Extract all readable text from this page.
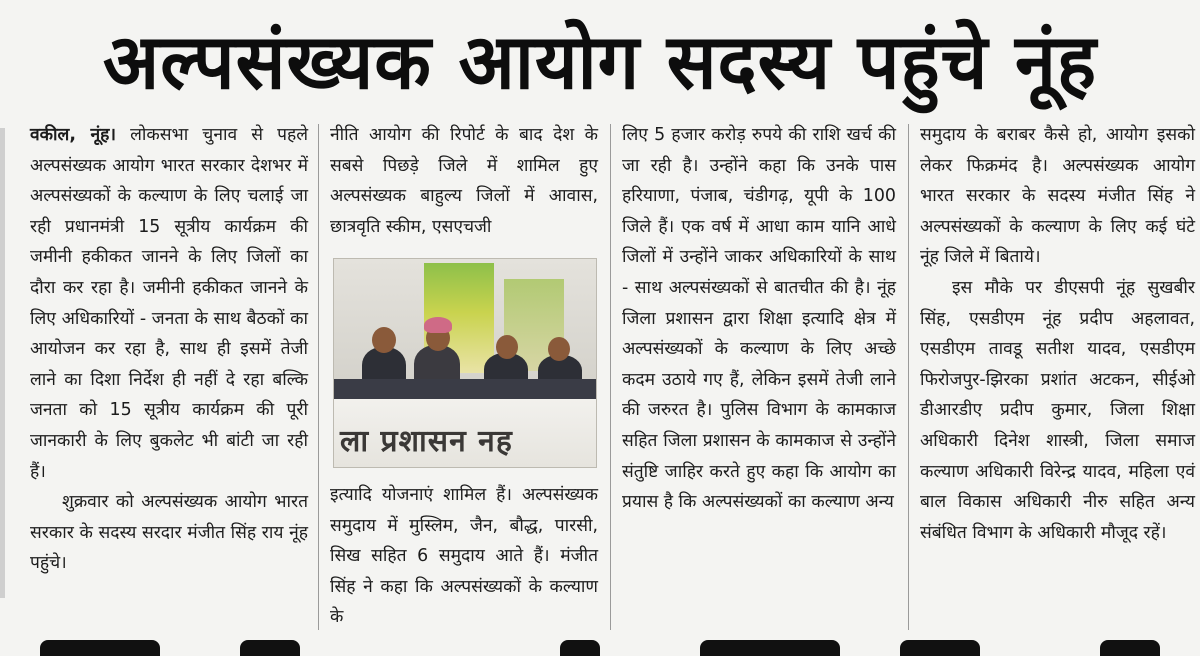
अल्पसंख्यक आयोग सदस्य पहुंचे नूंह

वकील, नूंह। लोकसभा चुनाव से पहले अल्पसंख्यक आयोग भारत सरकार देशभर में अल्पसंख्यकों के कल्याण के लिए चलाई जा रही प्रधानमंत्री 15 सूत्रीय कार्यक्रम की जमीनी हकीकत जानने के लिए जिलों का दौरा कर रहा है। जमीनी हकीकत जानने के लिए अधिकारियों - जनता के साथ बैठकों का आयोजन कर रहा है, साथ ही इसमें तेजी लाने का दिशा निर्देश ही नहीं दे रहा बल्कि जनता को 15 सूत्रीय कार्यक्रम की पूरी जानकारी के लिए बुकलेट भी बांटी जा रही हैं।

शुक्रवार को अल्पसंख्यक आयोग भारत सरकार के सदस्य सरदार मंजीत सिंह राय नूंह पहुंचे।

नीति आयोग की रिपोर्ट के बाद देश के सबसे पिछड़े जिले में शामिल हुए अल्पसंख्यक बाहुल्य जिलों में आवास, छात्रवृति स्कीम, एसएचजी

ला प्रशासन नह

इत्यादि योजनाएं शामिल हैं। अल्पसंख्यक समुदाय में मुस्लिम, जैन, बौद्ध, पारसी, सिख सहित 6 समुदाय आते हैं। मंजीत सिंह ने कहा कि अल्पसंख्यकों के कल्याण के

लिए 5 हजार करोड़ रुपये की राशि खर्च की जा रही है। उन्होंने कहा कि उनके पास हरियाणा, पंजाब, चंडीगढ़, यूपी के 100 जिले हैं। एक वर्ष में आधा काम यानि आधे जिलों में उन्होंने जाकर अधिकारियों के साथ - साथ अल्पसंख्यकों से बातचीत की है। नूंह जिला प्रशासन द्वारा शिक्षा इत्यादि क्षेत्र में अल्पसंख्यकों के कल्याण के लिए अच्छे कदम उठाये गए हैं, लेकिन इसमें तेजी लाने की जरुरत है। पुलिस विभाग के कामकाज सहित जिला प्रशासन के कामकाज से उन्होंने संतुष्टि जाहिर करते हुए कहा कि आयोग का प्रयास है कि अल्पसंख्यकों का कल्याण अन्य

समुदाय के बराबर कैसे हो, आयोग इसको लेकर फिक्रमंद है। अल्पसंख्यक आयोग भारत सरकार के सदस्य मंजीत सिंह ने अल्पसंख्यकों के कल्याण के लिए कई घंटे नूंह जिले में बिताये।

इस मौके पर डीएसपी नूंह सुखबीर सिंह, एसडीएम नूंह प्रदीप अहलावत, एसडीएम तावडू सतीश यादव, एसडीएम फिरोजपुर-झिरका प्रशांत अटकन, सीईओ डीआरडीए प्रदीप कुमार, जिला शिक्षा अधिकारी दिनेश शास्त्री, जिला समाज कल्याण अधिकारी विरेन्द्र यादव, महिला एवं बाल विकास अधिकारी नीरु सहित अन्य संबंधित विभाग के अधिकारी मौजूद रहें।
